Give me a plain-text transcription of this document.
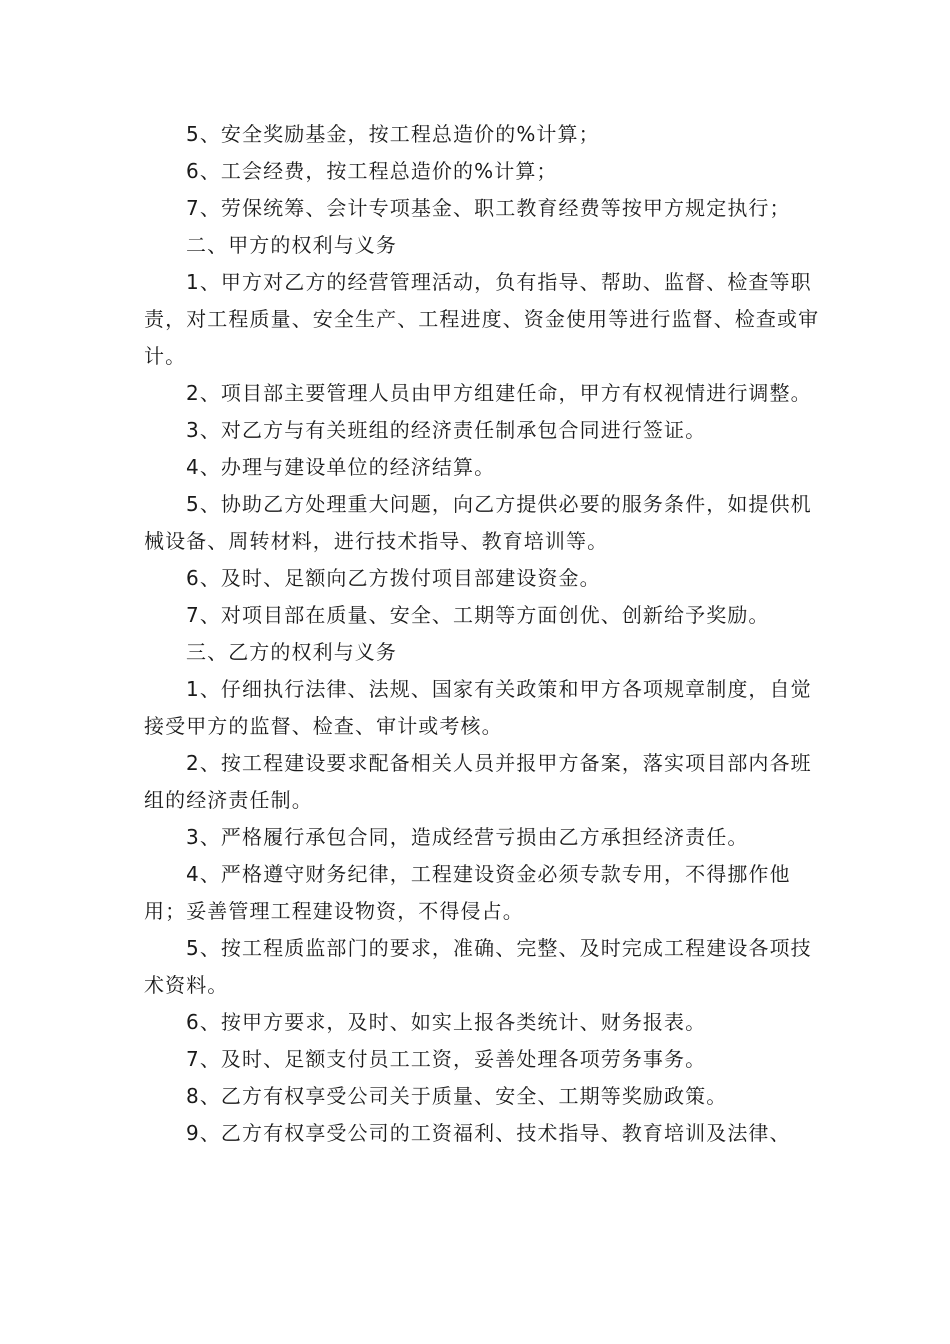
5、安全奖励基金，按工程总造价的%计算；

6、工会经费，按工程总造价的%计算；

7、劳保统筹、会计专项基金、职工教育经费等按甲方规定执行；

二、甲方的权利与义务

1、甲方对乙方的经营管理活动，负有指导、帮助、监督、检查等职责，对工程质量、安全生产、工程进度、资金使用等进行监督、检查或审计。

2、项目部主要管理人员由甲方组建任命，甲方有权视情进行调整。

3、对乙方与有关班组的经济责任制承包合同进行签证。

4、办理与建设单位的经济结算。

5、协助乙方处理重大问题，向乙方提供必要的服务条件，如提供机械设备、周转材料，进行技术指导、教育培训等。

6、及时、足额向乙方拨付项目部建设资金。

7、对项目部在质量、安全、工期等方面创优、创新给予奖励。

三、乙方的权利与义务

1、仔细执行法律、法规、国家有关政策和甲方各项规章制度，自觉接受甲方的监督、检查、审计或考核。

2、按工程建设要求配备相关人员并报甲方备案，落实项目部内各班组的经济责任制。

3、严格履行承包合同，造成经营亏损由乙方承担经济责任。

4、严格遵守财务纪律，工程建设资金必须专款专用，不得挪作他用；妥善管理工程建设物资，不得侵占。

5、按工程质监部门的要求，准确、完整、及时完成工程建设各项技术资料。

6、按甲方要求，及时、如实上报各类统计、财务报表。

7、及时、足额支付员工工资，妥善处理各项劳务事务。

8、乙方有权享受公司关于质量、安全、工期等奖励政策。

9、乙方有权享受公司的工资福利、技术指导、教育培训及法律、
